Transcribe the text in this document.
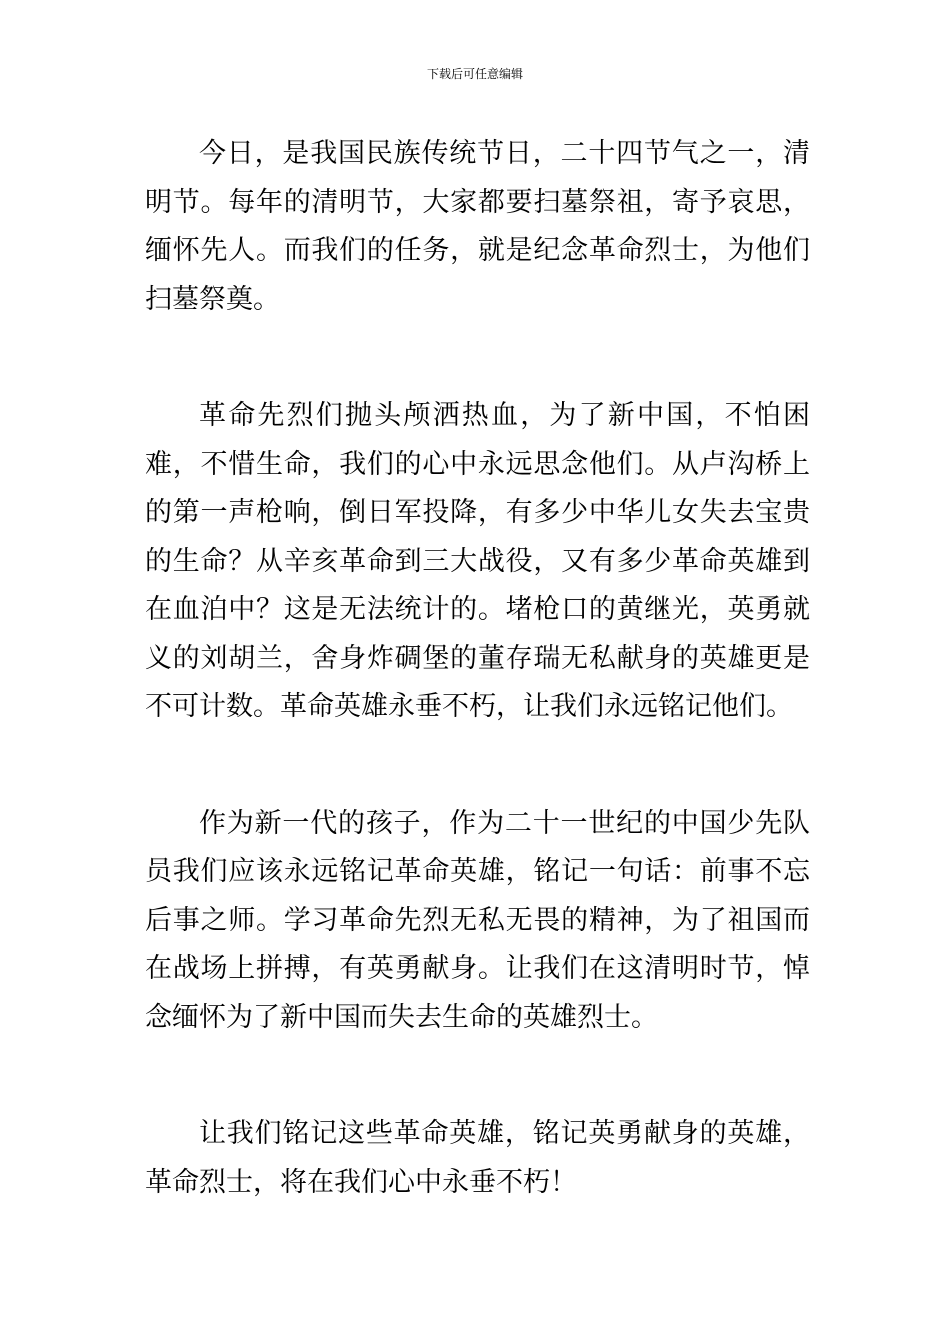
下载后可任意编辑

今日，是我国民族传统节日，二十四节气之一，清明节。每年的清明节，大家都要扫墓祭祖，寄予哀思，缅怀先人。而我们的任务，就是纪念革命烈士，为他们扫墓祭奠。

革命先烈们抛头颅洒热血，为了新中国，不怕困难，不惜生命，我们的心中永远思念他们。从卢沟桥上的第一声枪响，倒日军投降，有多少中华儿女失去宝贵的生命？从辛亥革命到三大战役，又有多少革命英雄到在血泊中？这是无法统计的。堵枪口的黄继光，英勇就义的刘胡兰，舍身炸碉堡的董存瑞无私献身的英雄更是不可计数。革命英雄永垂不朽，让我们永远铭记他们。

作为新一代的孩子，作为二十一世纪的中国少先队员我们应该永远铭记革命英雄，铭记一句话：前事不忘后事之师。学习革命先烈无私无畏的精神，为了祖国而在战场上拼搏，有英勇献身。让我们在这清明时节，悼念缅怀为了新中国而失去生命的英雄烈士。

让我们铭记这些革命英雄，铭记英勇献身的英雄，革命烈士，将在我们心中永垂不朽！
